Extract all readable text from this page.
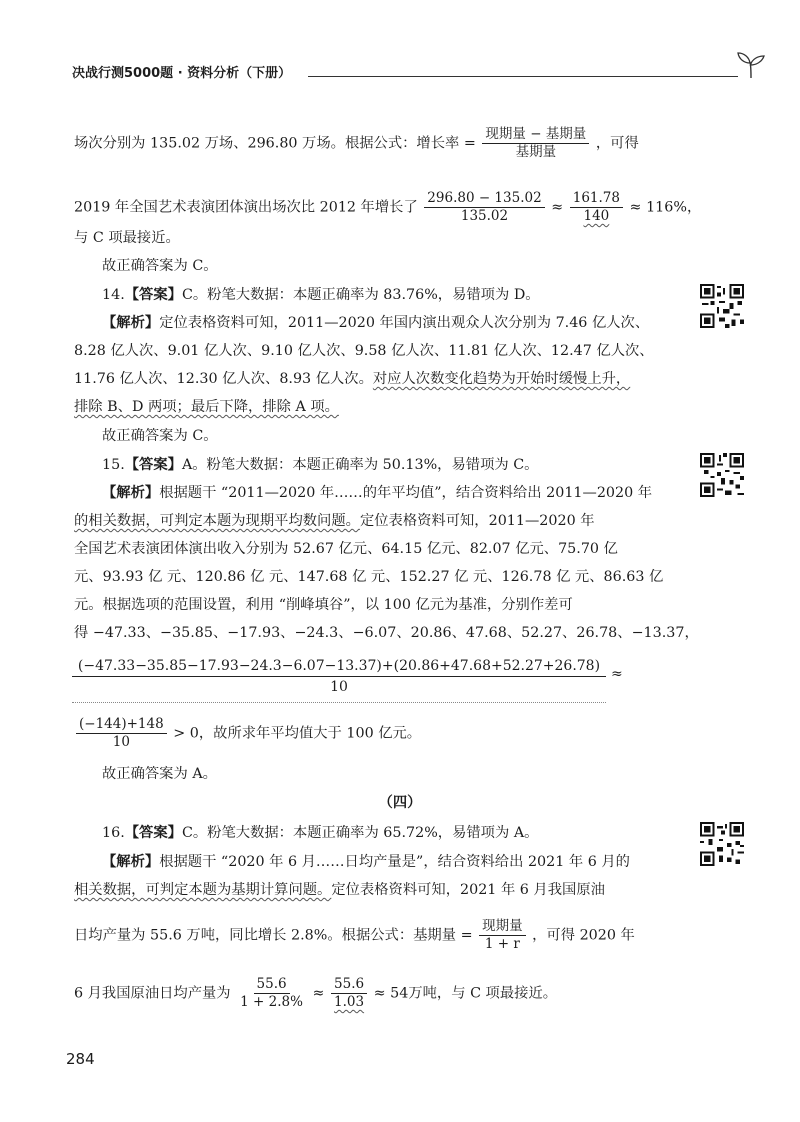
决战行测5000题 · 资料分析（下册）
场次分别为 135.02 万场、296.80 万场。根据公式：增长率 = $\frac{\text{现期量 − 基期量}}{\text{基期量}}$ ，可得
2019 年全国艺术表演团体演出场次比 2012 年增长了 $\frac{296.80 - 135.02}{135.02} \approx \frac{161.78}{140} \approx 116\%$，
与 C 项最接近。
故正确答案为 C。
14.【答案】C。粉笔大数据：本题正确率为 83.76%，易错项为 D。
【解析】定位表格资料可知，2011—2020 年国内演出观众人次分别为 7.46 亿人次、
8.28 亿人次、9.01 亿人次、9.10 亿人次、9.58 亿人次、11.81 亿人次、12.47 亿人次、
11.76 亿人次、12.30 亿人次、8.93 亿人次。对应人次数变化趋势为开始时缓慢上升，
排除 B、D 两项；最后下降，排除 A 项。
故正确答案为 C。
15.【答案】A。粉笔大数据：本题正确率为 50.13%，易错项为 C。
【解析】根据题干 “2011—2020 年……的年平均值”，结合资料给出 2011—2020 年
的相关数据，可判定本题为现期平均数问题。定位表格资料可知，2011—2020 年
全国艺术表演团体演出收入分别为 52.67 亿元、64.15 亿元、82.07 亿元、75.70 亿
元、93.93 亿 元、120.86 亿 元、147.68 亿 元、152.27 亿 元、126.78 亿 元、86.63 亿
元。根据选项的范围设置，利用 “削峰填谷”，以 100 亿元为基准，分别作差可
得 −47.33、−35.85、−17.93、−24.3、−6.07、20.86、47.68、52.27、26.78、−13.37，
(−47.33−35.85−17.93−24.3−6.07−13.37)+(20.86+47.68+52.27+26.78)
10
≈
$\frac{(-144)+148}{10} > 0$，故所求年平均值大于 100 亿元。
故正确答案为 A。
（四）
16.【答案】C。粉笔大数据：本题正确率为 65.72%，易错项为 A。
【解析】根据题干 “2020 年 6 月……日均产量是”，结合资料给出 2021 年 6 月的
相关数据，可判定本题为基期计算问题。定位表格资料可知，2021 年 6 月我国原油
日均产量为 55.6 万吨，同比增长 2.8%。根据公式：基期量 = $\frac{\text{现期量}}{1 + r}$ ，可得 2020 年
6 月我国原油日均产量为 $\frac{55.6}{1 + 2.8\%} \approx \frac{55.6}{1.03} \approx 54$万吨，与 C 项最接近。
284
